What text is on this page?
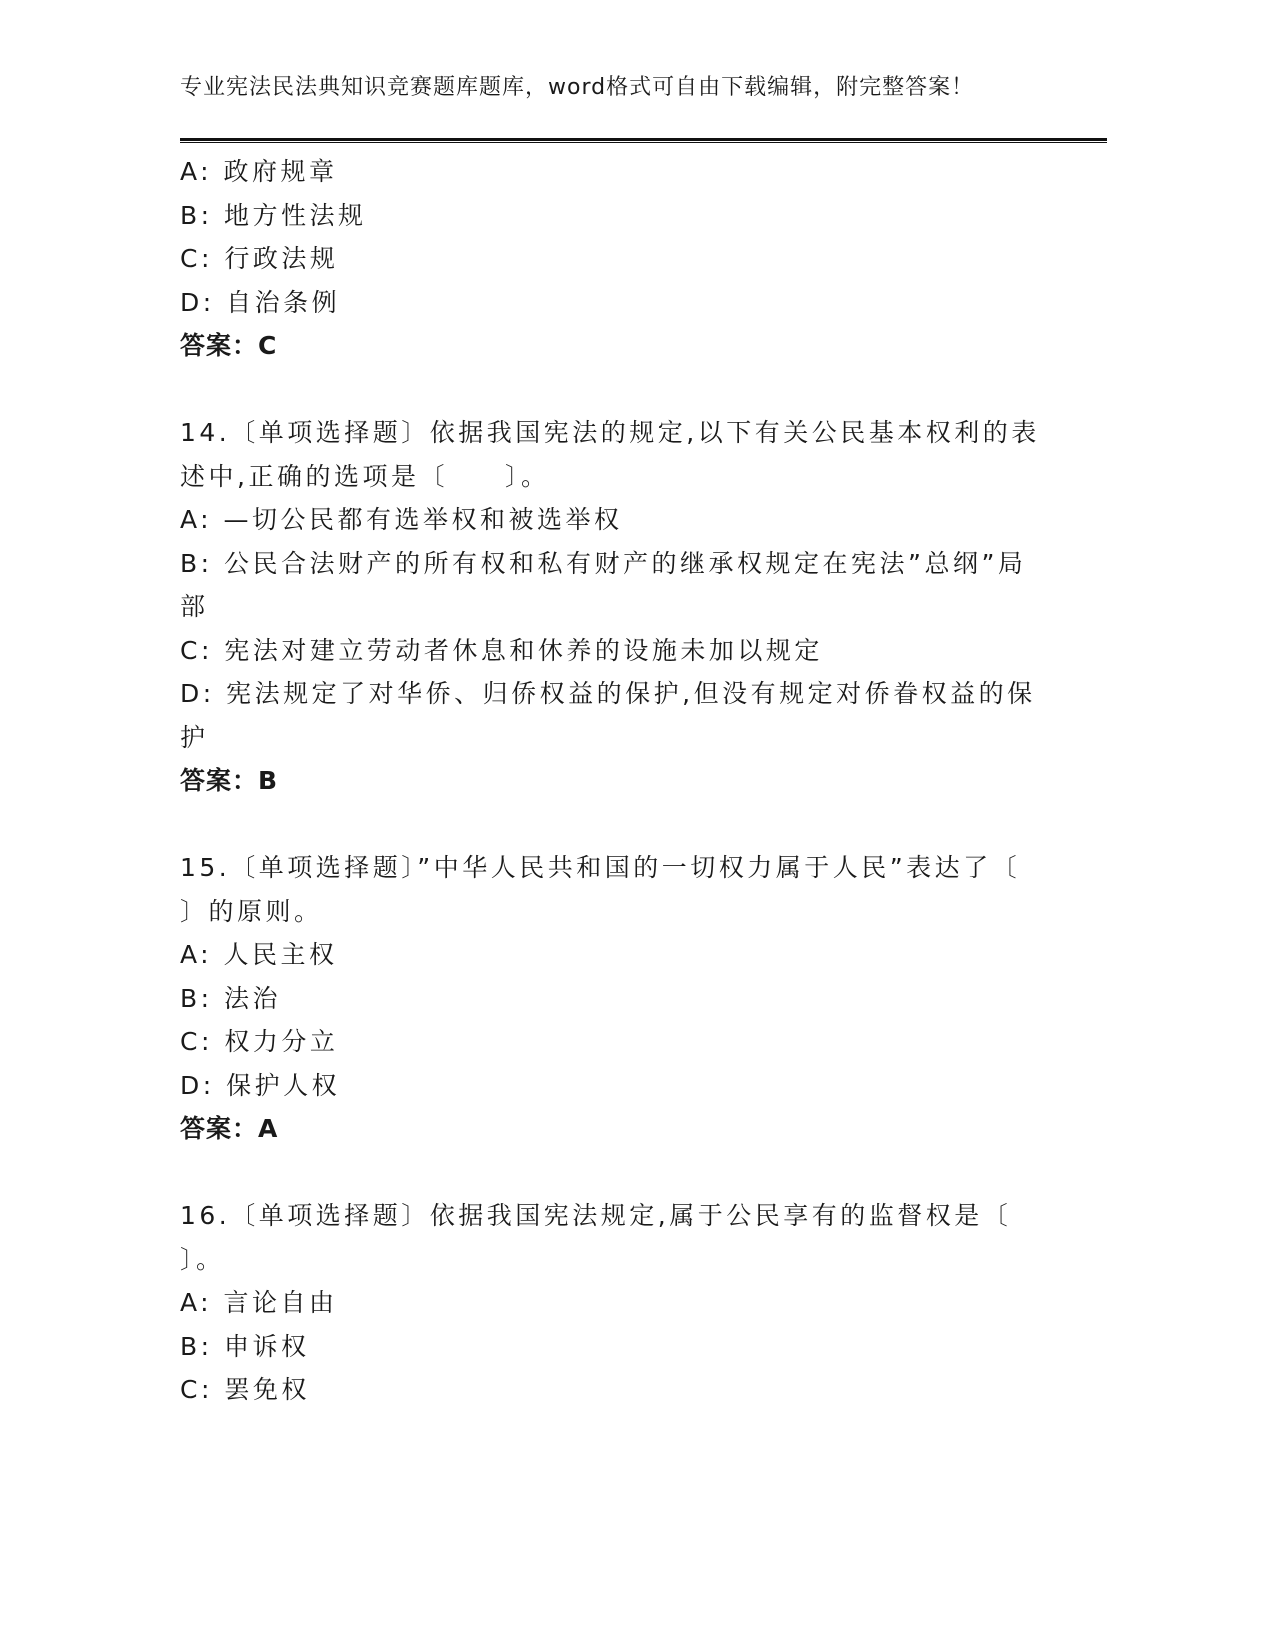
专业宪法民法典知识竞赛题库题库，word格式可自由下载编辑，附完整答案！
A: 政府规章
B: 地方性法规
C: 行政法规
D: 自治条例
答案：C
14.〔单项选择题〕依据我国宪法的规定,以下有关公民基本权利的表
述中,正确的选项是〔　　〕。
A: —切公民都有选举权和被选举权
B: 公民合法财产的所有权和私有财产的继承权规定在宪法”总纲”局
部
C: 宪法对建立劳动者休息和休养的设施未加以规定
D: 宪法规定了对华侨、归侨权益的保护,但没有规定对侨眷权益的保
护
答案：B
15.〔单项选择题〕”中华人民共和国的一切权力属于人民”表达了〔
〕的原则。
A: 人民主权
B: 法治
C: 权力分立
D: 保护人权
答案：A
16.〔单项选择题〕依据我国宪法规定,属于公民享有的监督权是〔
〕。
A: 言论自由
B: 申诉权
C: 罢免权
